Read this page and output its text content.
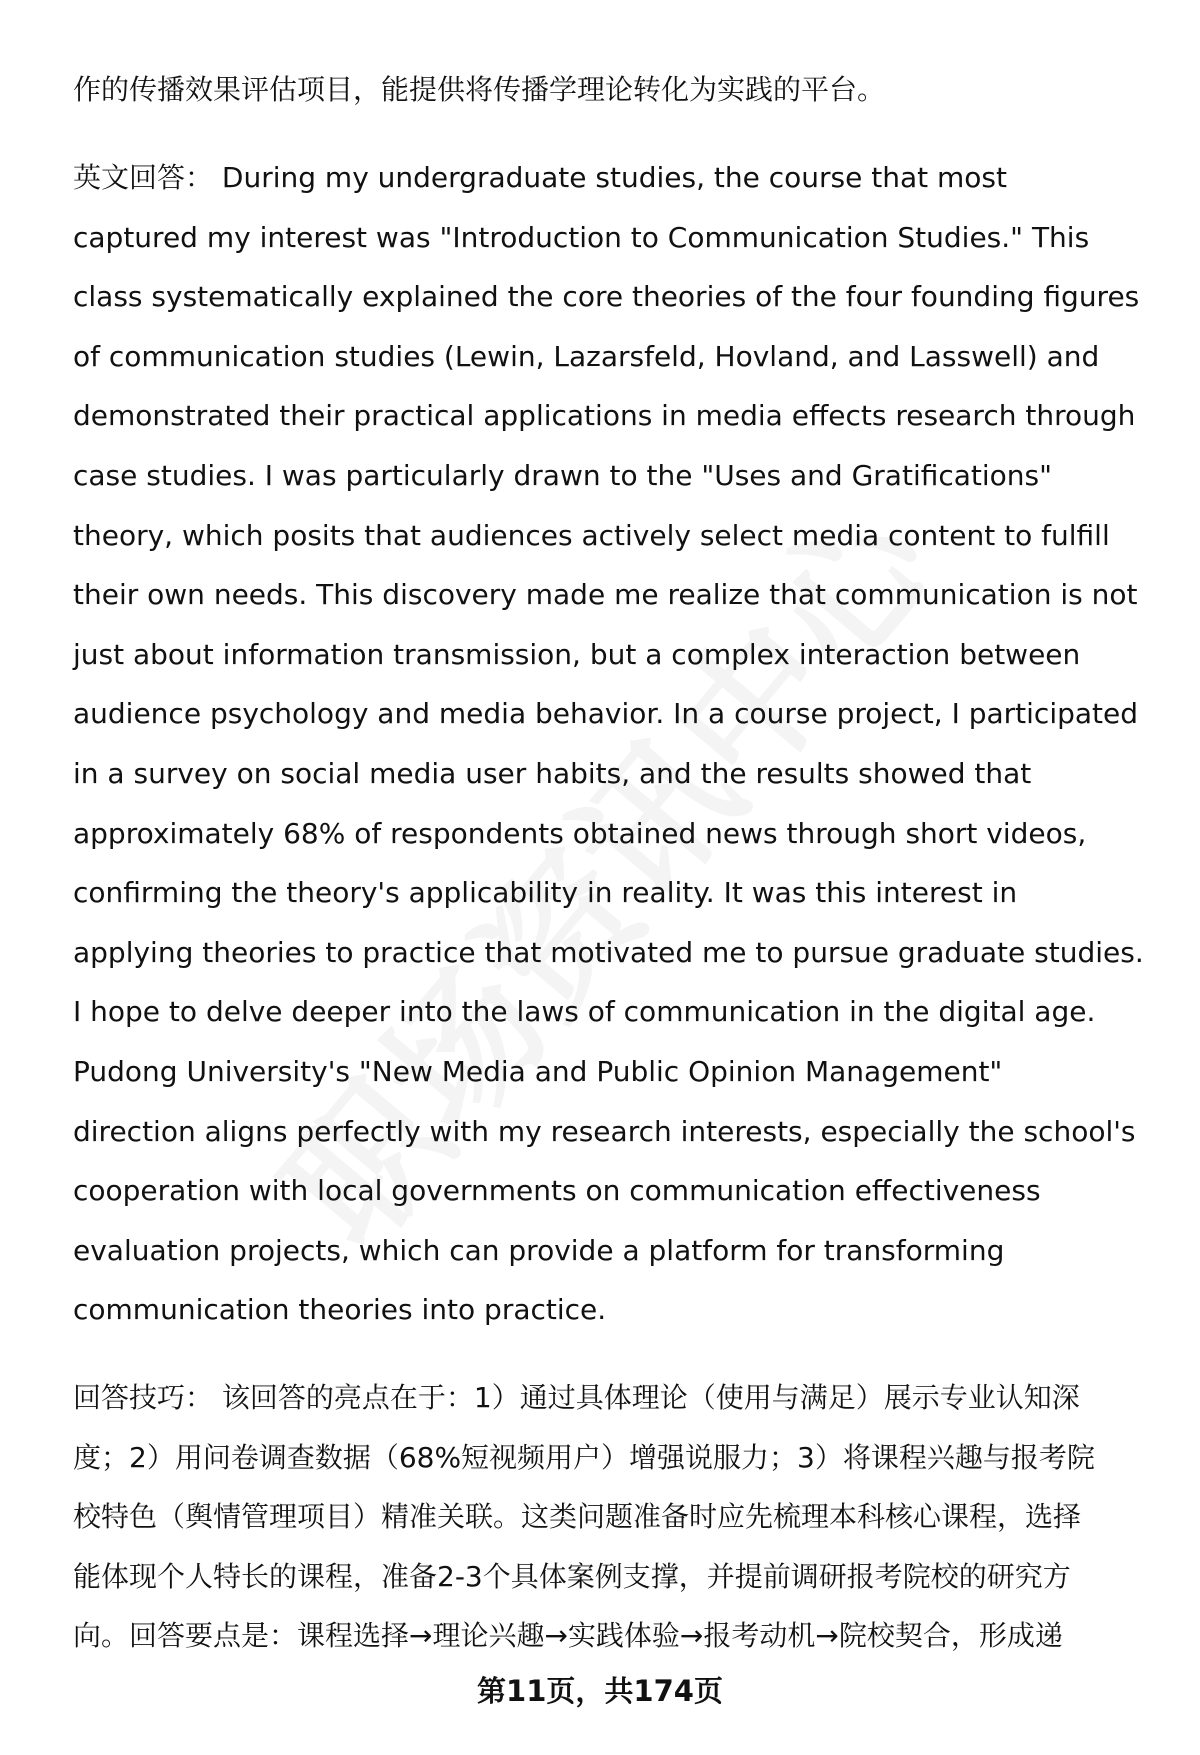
作的传播效果评估项目，能提供将传播学理论转化为实践的平台。
英文回答： During my undergraduate studies, the course that most
captured my interest was "Introduction to Communication Studies." This
class systematically explained the core theories of the four founding figures
of communication studies (Lewin, Lazarsfeld, Hovland, and Lasswell) and
demonstrated their practical applications in media effects research through
case studies. I was particularly drawn to the "Uses and Gratifications"
theory, which posits that audiences actively select media content to fulfill
their own needs. This discovery made me realize that communication is not
just about information transmission, but a complex interaction between
audience psychology and media behavior. In a course project, I participated
in a survey on social media user habits, and the results showed that
approximately 68% of respondents obtained news through short videos,
confirming the theory's applicability in reality. It was this interest in
applying theories to practice that motivated me to pursue graduate studies.
I hope to delve deeper into the laws of communication in the digital age.
Pudong University's "New Media and Public Opinion Management"
direction aligns perfectly with my research interests, especially the school's
cooperation with local governments on communication effectiveness
evaluation projects, which can provide a platform for transforming
communication theories into practice.
回答技巧： 该回答的亮点在于：1）通过具体理论（使用与满足）展示专业认知深
度；2）用问卷调查数据（68%短视频用户）增强说服力；3）将课程兴趣与报考院
校特色（舆情管理项目）精准关联。这类问题准备时应先梳理本科核心课程，选择
能体现个人特长的课程，准备2-3个具体案例支撑，并提前调研报考院校的研究方
向。回答要点是：课程选择→理论兴趣→实践体验→报考动机→院校契合，形成递
第11页，共174页
